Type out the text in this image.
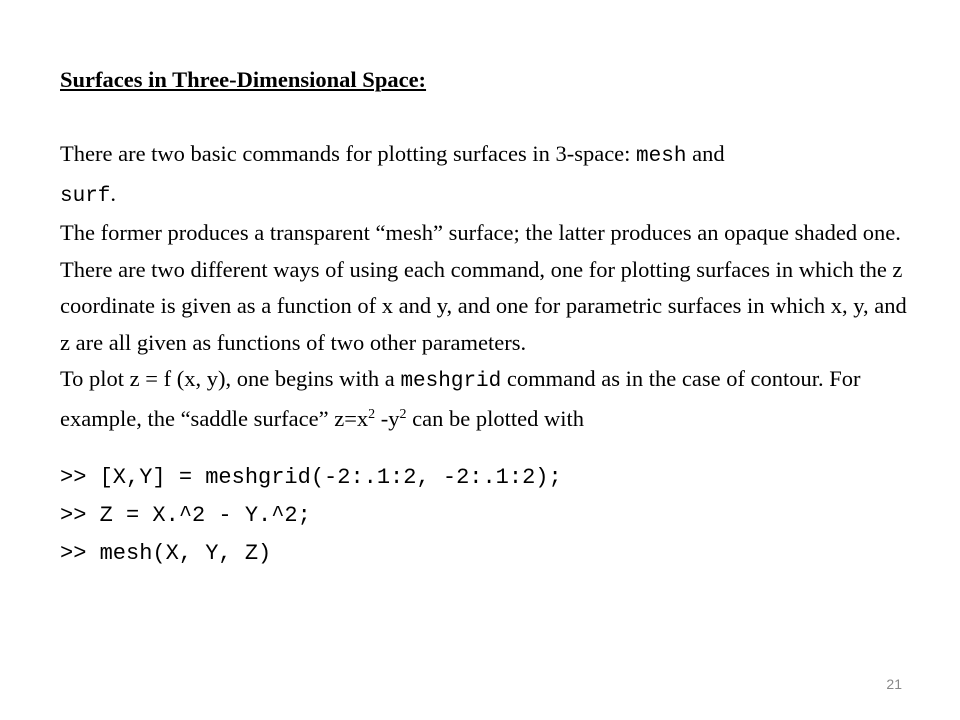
Surfaces in Three-Dimensional Space:

There are two basic commands for plotting surfaces in 3-space: mesh and
surf.

The former produces a transparent “mesh” surface; the latter produces an opaque shaded one.

There are two different ways of using each command, one for plotting surfaces in which the z coordinate is given as a function of x and y, and one for parametric surfaces in which x, y, and z are all given as functions of two other parameters.

To plot z = f (x, y), one begins with a meshgrid command as in the case of contour. For example, the “saddle surface” $z=x^2$ $-y^2$ can be plotted with

>> [X,Y] = meshgrid(-2:.1:2, -2:.1:2);
>> Z = X.^2 - Y.^2;
>> mesh(X, Y, Z)
21
